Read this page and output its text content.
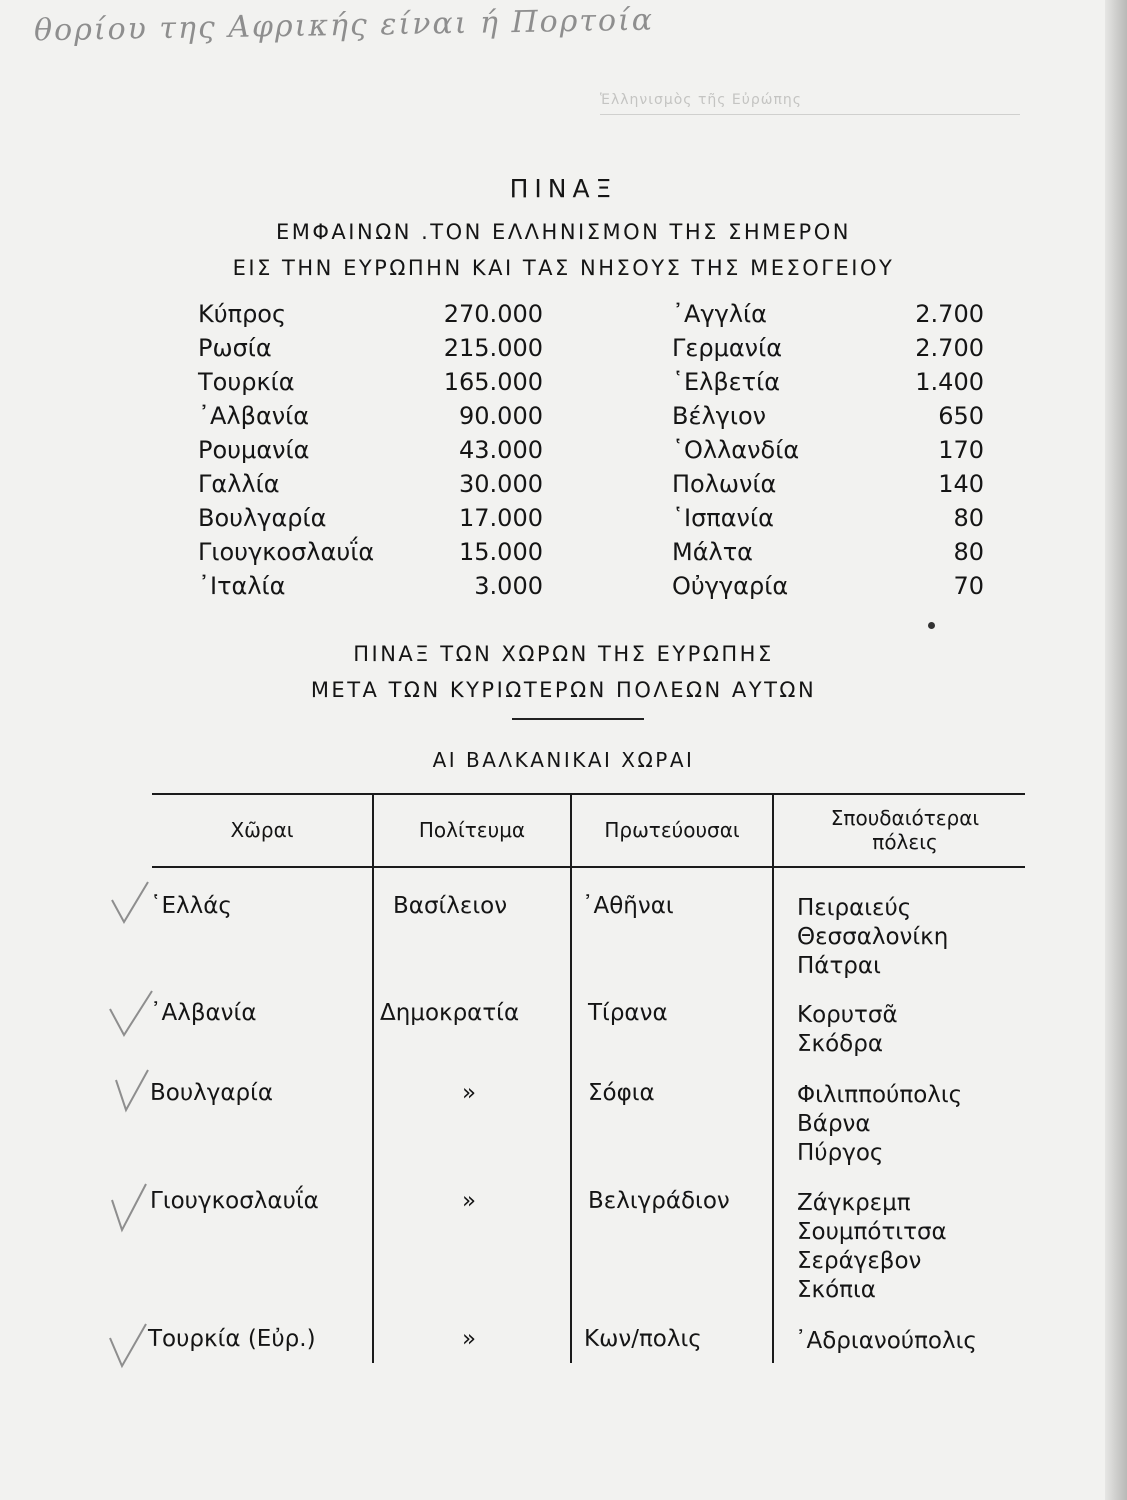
Ἑλληνισμὸς τῆς Εὐρώπης
θορίου της Αφρικής είναι ή Πορτοία
ΠΙΝΑΞ
ΕΜΦΑΙΝΩΝ .ΤΟΝ ΕΛΛΗΝΙΣΜΟΝ ΤΗΣ ΣΗΜΕΡΟΝ
ΕΙΣ ΤΗΝ ΕΥΡΩΠΗΝ ΚΑΙ ΤΑΣ ΝΗΣΟΥΣ ΤΗΣ ΜΕΣΟΓΕΙΟΥ
Κύπρος	270.000
Ρωσία	215.000
Τουρκία	165.000
᾿Αλβανία	90.000
Ρουμανία	43.000
Γαλλία	30.000
Βουλγαρία	17.000
Γιουγκοσλαυΐα	15.000
᾿Ιταλία	3.000
᾿Αγγλία	2.700
Γερμανία	2.700
῾Ελβετία	1.400
Βέλγιον	650
῾Ολλανδία	170
Πολωνία	140
῾Ισπανία	80
Μάλτα	80
Οὐγγαρία	70
ΠΙΝΑΞ ΤΩΝ ΧΩΡΩΝ ΤΗΣ ΕΥΡΩΠΗΣ
ΜΕΤΑ ΤΩΝ ΚΥΡΙΩΤΕΡΩΝ ΠΟΛΕΩΝ ΑΥΤΩΝ
ΑΙ ΒΑΛΚΑΝΙΚΑΙ ΧΩΡΑΙ
Χῶραι	Πολίτευμα	Πρωτεύουσαι	Σπουδαιότεραι πόλεις
῾Ελλάς	Βασίλειον	᾿Αθῆναι	Πειραιεύς
Θεσσαλονίκη
Πάτραι
᾿Αλβανία	Δημοκρατία	Τίρανα	Κορυτσᾶ
Σκόδρα
Βουλγαρία	»	Σόφια	Φιλιππούπολις
Βάρνα
Πύργος
Γιουγκοσλαυΐα	»	Βελιγράδιον	Ζάγκρεμπ
Σουμπότιτσα
Σεράγεβον
Σκόπια
Τουρκία (Εὐρ.)	»	Κων/πολις	᾿Αδριανούπολις
